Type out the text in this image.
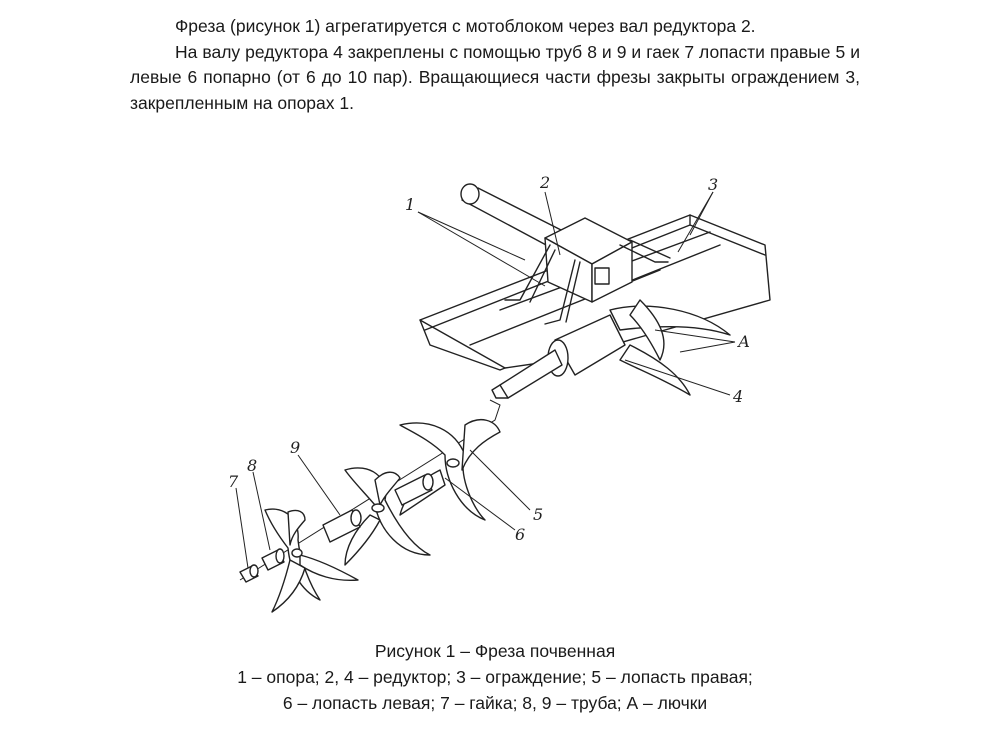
Фреза (рисунок 1) агрегатируется с мотоблоком через вал редуктора 2.

На валу редуктора 4 закреплены с помощью труб 8 и 9 и гаек 7 лопасти правые 5 и левые 6 попарно (от 6 до 10 пар). Вращающиеся части фрезы закрыты ограждением 3, закрепленным на опорах 1.

1
2	3
А
4
5
6
7
8
9
Рисунок 1 – Фреза почвенная
1 – опора; 2, 4 – редуктор; 3 – ограждение; 5 – лопасть правая;
6 – лопасть левая; 7 – гайка; 8, 9 – труба; А – лючки
